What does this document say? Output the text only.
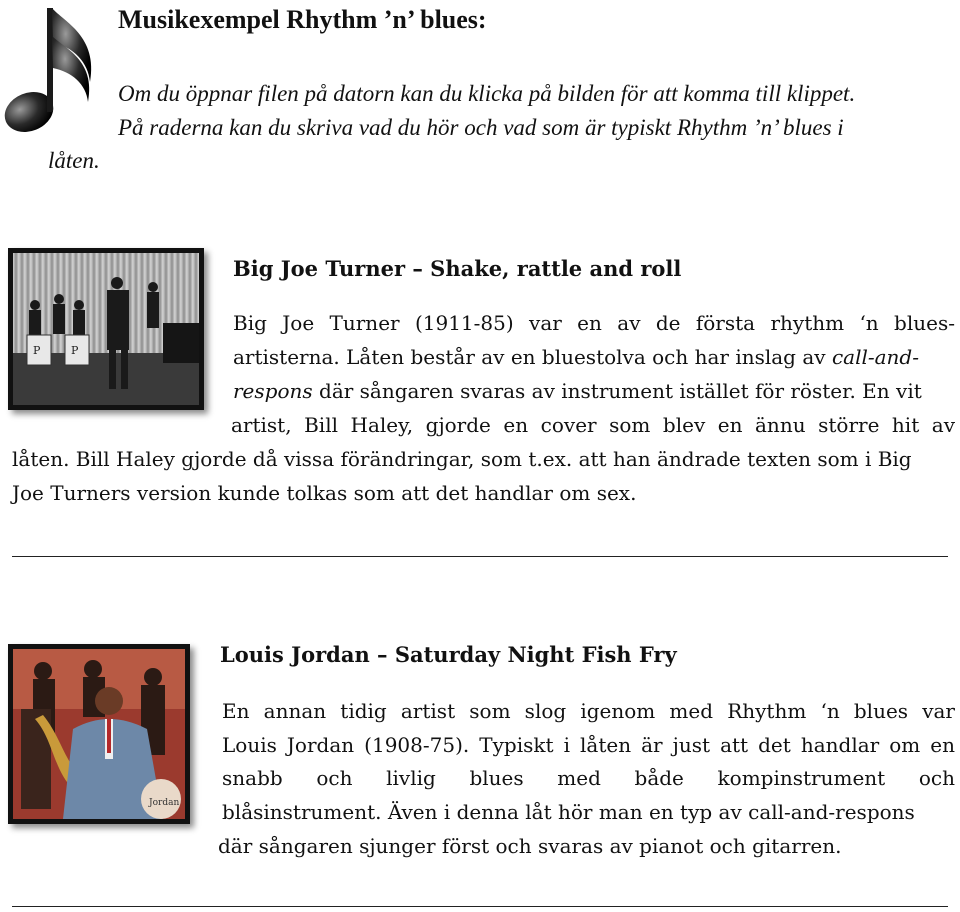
Musikexempel Rhythm ’n’ blues:
Om du öppnar filen på datorn kan du klicka på bilden för att komma till klippet.
På raderna kan du skriva vad du hör och vad som är typiskt Rhythm ’n’ blues i
låten.
P	P
Big Joe Turner – Shake, rattle and roll
Big Joe Turner (1911-85) var en av de första rhythm ‘n blues-
artisterna. Låten består av en bluestolva och har inslag av call-and-
respons där sångaren svaras av instrument istället för röster. En vit
artist, Bill Haley, gjorde en cover som blev en ännu större hit av
låten. Bill Haley gjorde då vissa förändringar, som t.ex. att han ändrade texten som i Big
Joe Turners version kunde tolkas som att det handlar om sex.
Jordan
Louis Jordan – Saturday Night Fish Fry
En annan tidig artist som slog igenom med Rhythm ‘n blues var
Louis Jordan (1908-75). Typiskt i låten är just att det handlar om en
snabb och livlig blues med både kompinstrument och
blåsinstrument. Även i denna låt hör man en typ av call-and-respons
där sångaren sjunger först och svaras av pianot och gitarren.
